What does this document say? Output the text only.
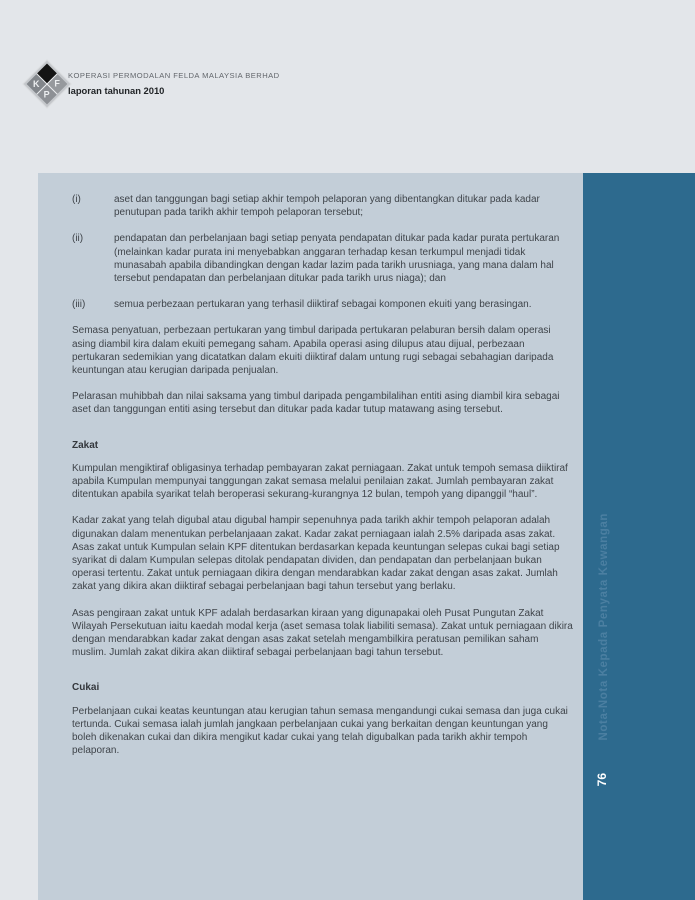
F
K
P
KOPERASI PERMODALAN FELDA MALAYSIA BERHAD
laporan tahunan 2010
(i)	aset dan tanggungan bagi setiap akhir tempoh pelaporan yang dibentangkan ditukar pada kadar penutupan pada tarikh akhir tempoh pelaporan tersebut;
(ii)	pendapatan dan perbelanjaan bagi setiap penyata pendapatan ditukar pada kadar purata pertukaran (melainkan kadar purata ini menyebabkan anggaran terhadap kesan terkumpul menjadi tidak munasabah apabila dibandingkan dengan kadar lazim pada tarikh urusniaga, yang mana dalam hal tersebut pendapatan dan perbelanjaan ditukar pada tarikh urus niaga); dan
(iii)	semua perbezaan pertukaran yang terhasil diiktiraf sebagai komponen ekuiti yang berasingan.

Semasa penyatuan, perbezaan pertukaran yang timbul daripada pertukaran pelaburan bersih dalam operasi asing diambil kira dalam ekuiti pemegang saham. Apabila operasi asing dilupus atau dijual, perbezaan pertukaran sedemikian yang dicatatkan dalam ekuiti diiktiraf dalam untung rugi sebagai sebahagian daripada keuntungan atau kerugian daripada penjualan.

Pelarasan muhibbah dan nilai saksama yang timbul daripada pengambilalihan entiti asing diambil kira sebagai aset dan tanggungan entiti asing tersebut dan ditukar pada kadar tutup matawang asing tersebut.

Zakat

Kumpulan mengiktiraf obligasinya terhadap pembayaran zakat perniagaan. Zakat untuk tempoh semasa diiktiraf apabila Kumpulan mempunyai tanggungan zakat semasa melalui penilaian zakat. Jumlah pembayaran zakat ditentukan apabila syarikat telah beroperasi sekurang-kurangnya 12 bulan, tempoh yang dipanggil “haul”.

Kadar zakat yang telah digubal atau digubal hampir sepenuhnya pada tarikh akhir tempoh pelaporan adalah digunakan dalam menentukan perbelanjaaan zakat. Kadar zakat perniagaan ialah 2.5% daripada asas zakat. Asas zakat untuk Kumpulan selain KPF ditentukan berdasarkan kepada keuntungan selepas cukai bagi setiap syarikat di dalam Kumpulan selepas ditolak pendapatan dividen, dan pendapatan dan perbelanjaan bukan operasi tertentu. Zakat untuk perniagaan dikira dengan mendarabkan kadar zakat dengan asas zakat. Jumlah zakat yang dikira akan diiktiraf sebagai perbelanjaan bagi tahun tersebut yang berlaku.

Asas pengiraan zakat untuk KPF adalah berdasarkan kiraan yang digunapakai oleh Pusat Pungutan Zakat Wilayah Persekutuan iaitu kaedah modal kerja (aset semasa tolak liabiliti semasa). Zakat untuk perniagaan dikira dengan mendarabkan kadar zakat dengan asas zakat setelah mengambilkira peratusan pemilikan saham muslim. Jumlah zakat dikira akan diiktiraf sebagai perbelanjaan bagi tahun tersebut.

Cukai

Perbelanjaan cukai keatas keuntungan atau kerugian tahun semasa mengandungi cukai semasa dan juga cukai tertunda. Cukai semasa ialah jumlah jangkaan perbelanjaan cukai yang berkaitan dengan keuntungan yang boleh dikenakan cukai dan dikira mengikut kadar cukai yang telah digubalkan pada tarikh akhir tempoh pelaporan.

Nota-Nota Kepada Penyata Kewangan
76
